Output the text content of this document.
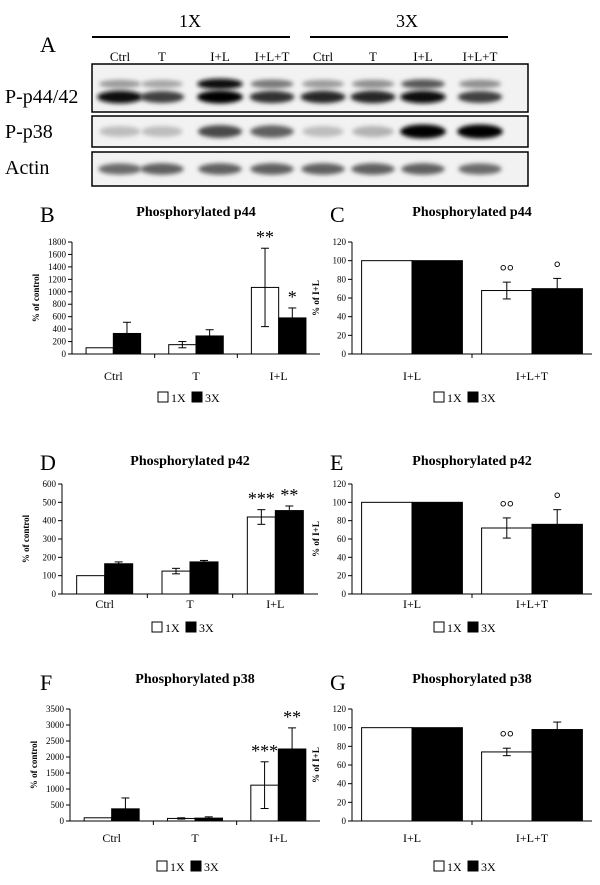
A
1X	3X
Ctrl T	I+L I+L+T Ctrl	T	I+L I+L+T
P-p44/42
P-p38
Actin
B	Phosphorylated p44
% of control
0
200
400
600
800
1000
1200
1400
1600
1800
Ctrl	T	I+L
**
*
1X 3X
C	Phosphorylated p44
% of I+L
0
20
40
60
80
100
120
I+L	I+L+T
°° °
1X 3X
D	Phosphorylated p42
% of control
0
100
200
300
400
500
600
Ctrl	T	I+L
*** **
1X 3X
E	Phosphorylated p42
% of I+L
0
20
40
60
80
100
120
I+L	I+L+T
°° °
1X 3X
F	Phosphorylated p38
% of control
0
500
1000
1500
2000
2500
3000
3500
Ctrl	T	I+L
***
**
1X 3X
G	Phosphorylated p38
% of I+L
0
20
40
60
80
100
120
I+L	I+L+T
°°
1X 3X
